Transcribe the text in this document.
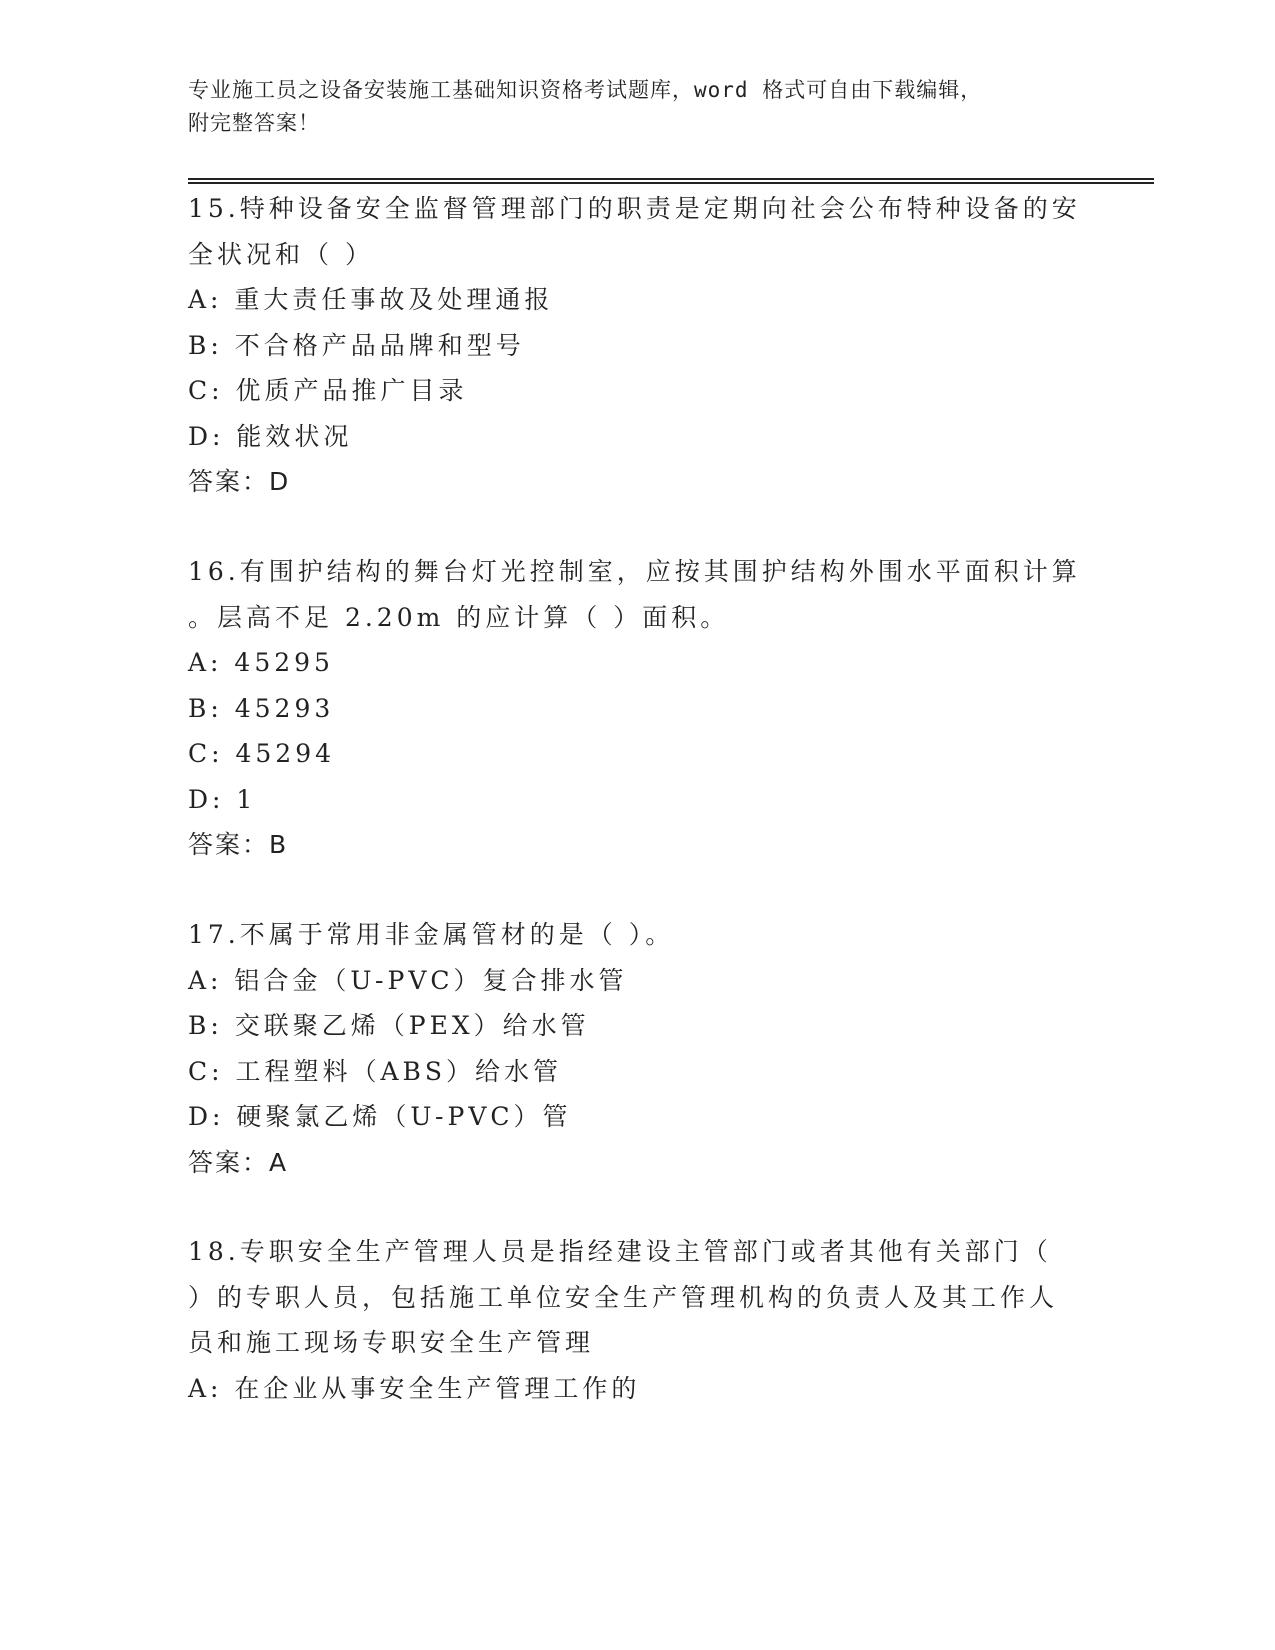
专业施工员之设备安装施工基础知识资格考试题库，word 格式可自由下载编辑，
附完整答案！
15.特种设备安全监督管理部门的职责是定期向社会公布特种设备的安
全状况和（ ）
A: 重大责任事故及处理通报
B: 不合格产品品牌和型号
C: 优质产品推广目录
D: 能效状况
答案：D
16.有围护结构的舞台灯光控制室，应按其围护结构外围水平面积计算
。层高不足 2.20m 的应计算（ ）面积。
A: 45295
B: 45293
C: 45294
D: 1
答案：B
17.不属于常用非金属管材的是（ ）。
A: 铝合金（U-PVC）复合排水管
B: 交联聚乙烯（PEX）给水管
C: 工程塑料（ABS）给水管
D: 硬聚氯乙烯（U-PVC）管
答案：A
18.专职安全生产管理人员是指经建设主管部门或者其他有关部门（
）的专职人员，包括施工单位安全生产管理机构的负责人及其工作人
员和施工现场专职安全生产管理
A: 在企业从事安全生产管理工作的
